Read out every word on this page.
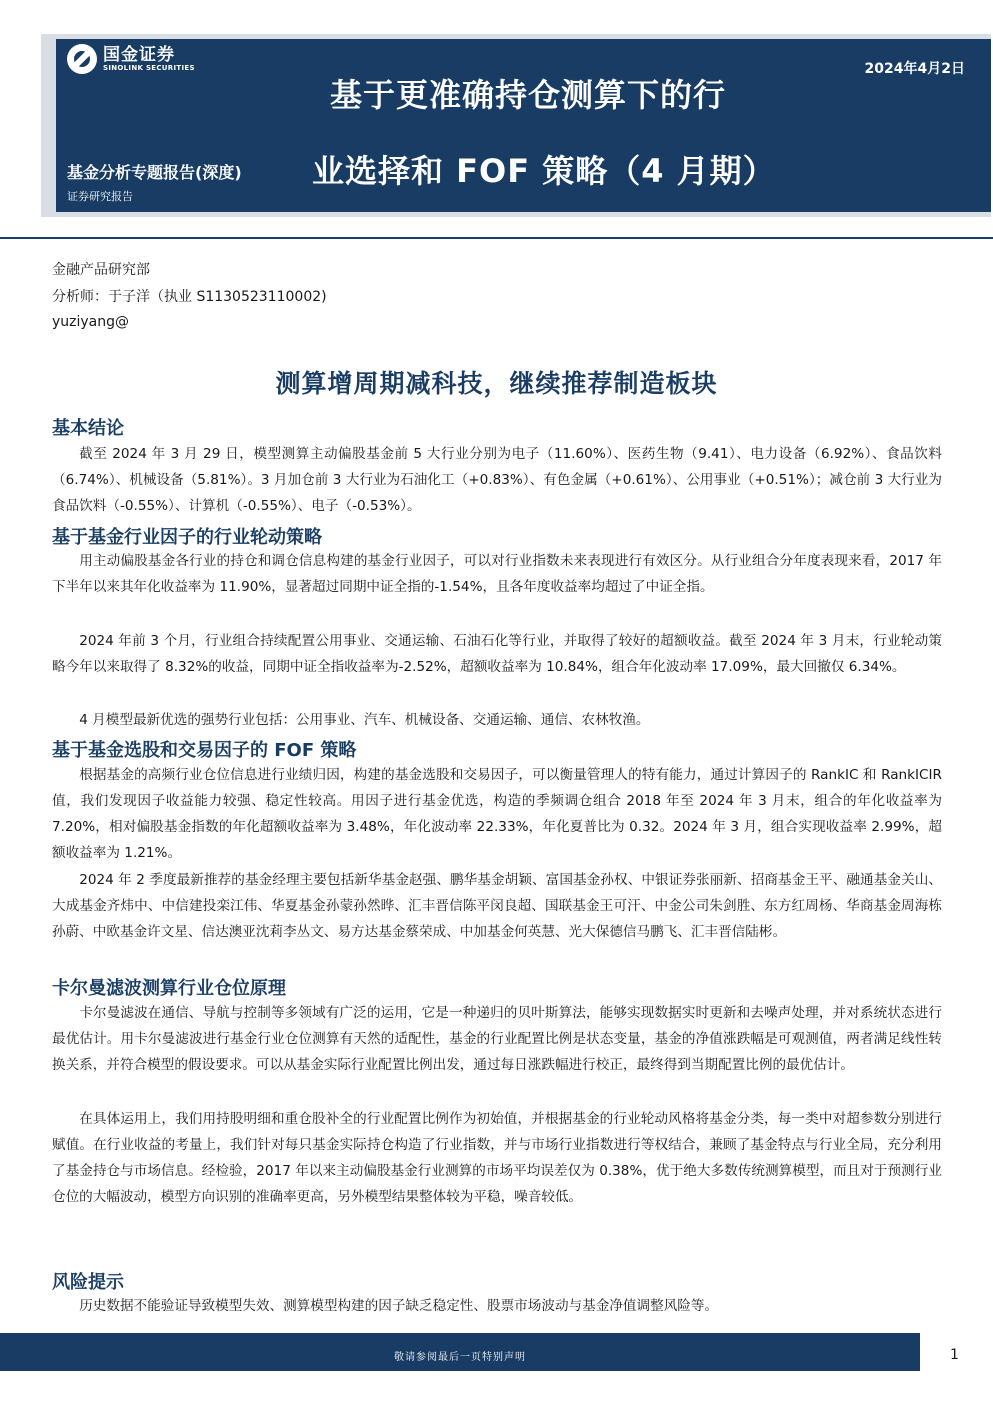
国金证券
SINOLINK SECURITIES	2024年4月2日
基于更准确持仓测算下的行
业选择和 FOF 策略（4 月期）
基金分析专题报告(深度)
证券研究报告
金融产品研究部
分析师：于子洋（执业 S1130523110002)
yuziyang@
测算增周期减科技，继续推荐制造板块
基本结论

截至 2024 年 3 月 29 日，模型测算主动偏股基金前 5 大行业分别为电子（11.60%）、医药生物（9.41）、电力设备（6.92%）、食品饮料（6.74%）、机械设备（5.81%）。3 月加仓前 3 大行业为石油化工（+0.83%）、有色金属（+0.61%）、公用事业（+0.51%）；减仓前 3 大行业为食品饮料（-0.55%）、计算机（-0.55%）、电子（-0.53%）。

基于基金行业因子的行业轮动策略

用主动偏股基金各行业的持仓和调仓信息构建的基金行业因子，可以对行业指数未来表现进行有效区分。从行业组合分年度表现来看，2017 年下半年以来其年化收益率为 11.90%，显著超过同期中证全指的-1.54%，且各年度收益率均超过了中证全指。

2024 年前 3 个月，行业组合持续配置公用事业、交通运输、石油石化等行业，并取得了较好的超额收益。截至 2024 年 3 月末，行业轮动策略今年以来取得了 8.32%的收益，同期中证全指收益率为-2.52%，超额收益率为 10.84%，组合年化波动率 17.09%，最大回撤仅 6.34%。

4 月模型最新优选的强势行业包括：公用事业、汽车、机械设备、交通运输、通信、农林牧渔。

基于基金选股和交易因子的 FOF 策略

根据基金的高频行业仓位信息进行业绩归因，构建的基金选股和交易因子，可以衡量管理人的特有能力，通过计算因子的 RankIC 和 RankICIR 值，我们发现因子收益能力较强、稳定性较高。用因子进行基金优选，构造的季频调仓组合 2018 年至 2024 年 3 月末，组合的年化收益率为 7.20%，相对偏股基金指数的年化超额收益率为 3.48%，年化波动率 22.33%，年化夏普比为 0.32。2024 年 3 月，组合实现收益率 2.99%，超额收益率为 1.21%。

2024 年 2 季度最新推荐的基金经理主要包括新华基金赵强、鹏华基金胡颖、富国基金孙权、中银证券张丽新、招商基金王平、融通基金关山、大成基金齐炜中、中信建投栾江伟、华夏基金孙蒙孙然晔、汇丰晋信陈平闵良超、国联基金王可汗、中金公司朱剑胜、东方红周杨、华商基金周海栋孙蔚、中欧基金许文星、信达澳亚沈莉李丛文、易方达基金蔡荣成、中加基金何英慧、光大保德信马鹏飞、汇丰晋信陆彬。

卡尔曼滤波测算行业仓位原理

卡尔曼滤波在通信、导航与控制等多领域有广泛的运用，它是一种递归的贝叶斯算法，能够实现数据实时更新和去噪声处理，并对系统状态进行最优估计。用卡尔曼滤波进行基金行业仓位测算有天然的适配性，基金的行业配置比例是状态变量，基金的净值涨跌幅是可观测值，两者满足线性转换关系，并符合模型的假设要求。可以从基金实际行业配置比例出发，通过每日涨跌幅进行校正，最终得到当期配置比例的最优估计。

在具体运用上，我们用持股明细和重仓股补全的行业配置比例作为初始值，并根据基金的行业轮动风格将基金分类，每一类中对超参数分别进行赋值。在行业收益的考量上，我们针对每只基金实际持仓构造了行业指数，并与市场行业指数进行等权结合，兼顾了基金特点与行业全局，充分利用了基金持仓与市场信息。经检验，2017 年以来主动偏股基金行业测算的市场平均误差仅为 0.38%，优于绝大多数传统测算模型，而且对于预测行业仓位的大幅波动，模型方向识别的准确率更高，另外模型结果整体较为平稳，噪音较低。

风险提示

历史数据不能验证导致模型失效、测算模型构建的因子缺乏稳定性、股票市场波动与基金净值调整风险等。

敬请参阅最后一页特别声明	1
